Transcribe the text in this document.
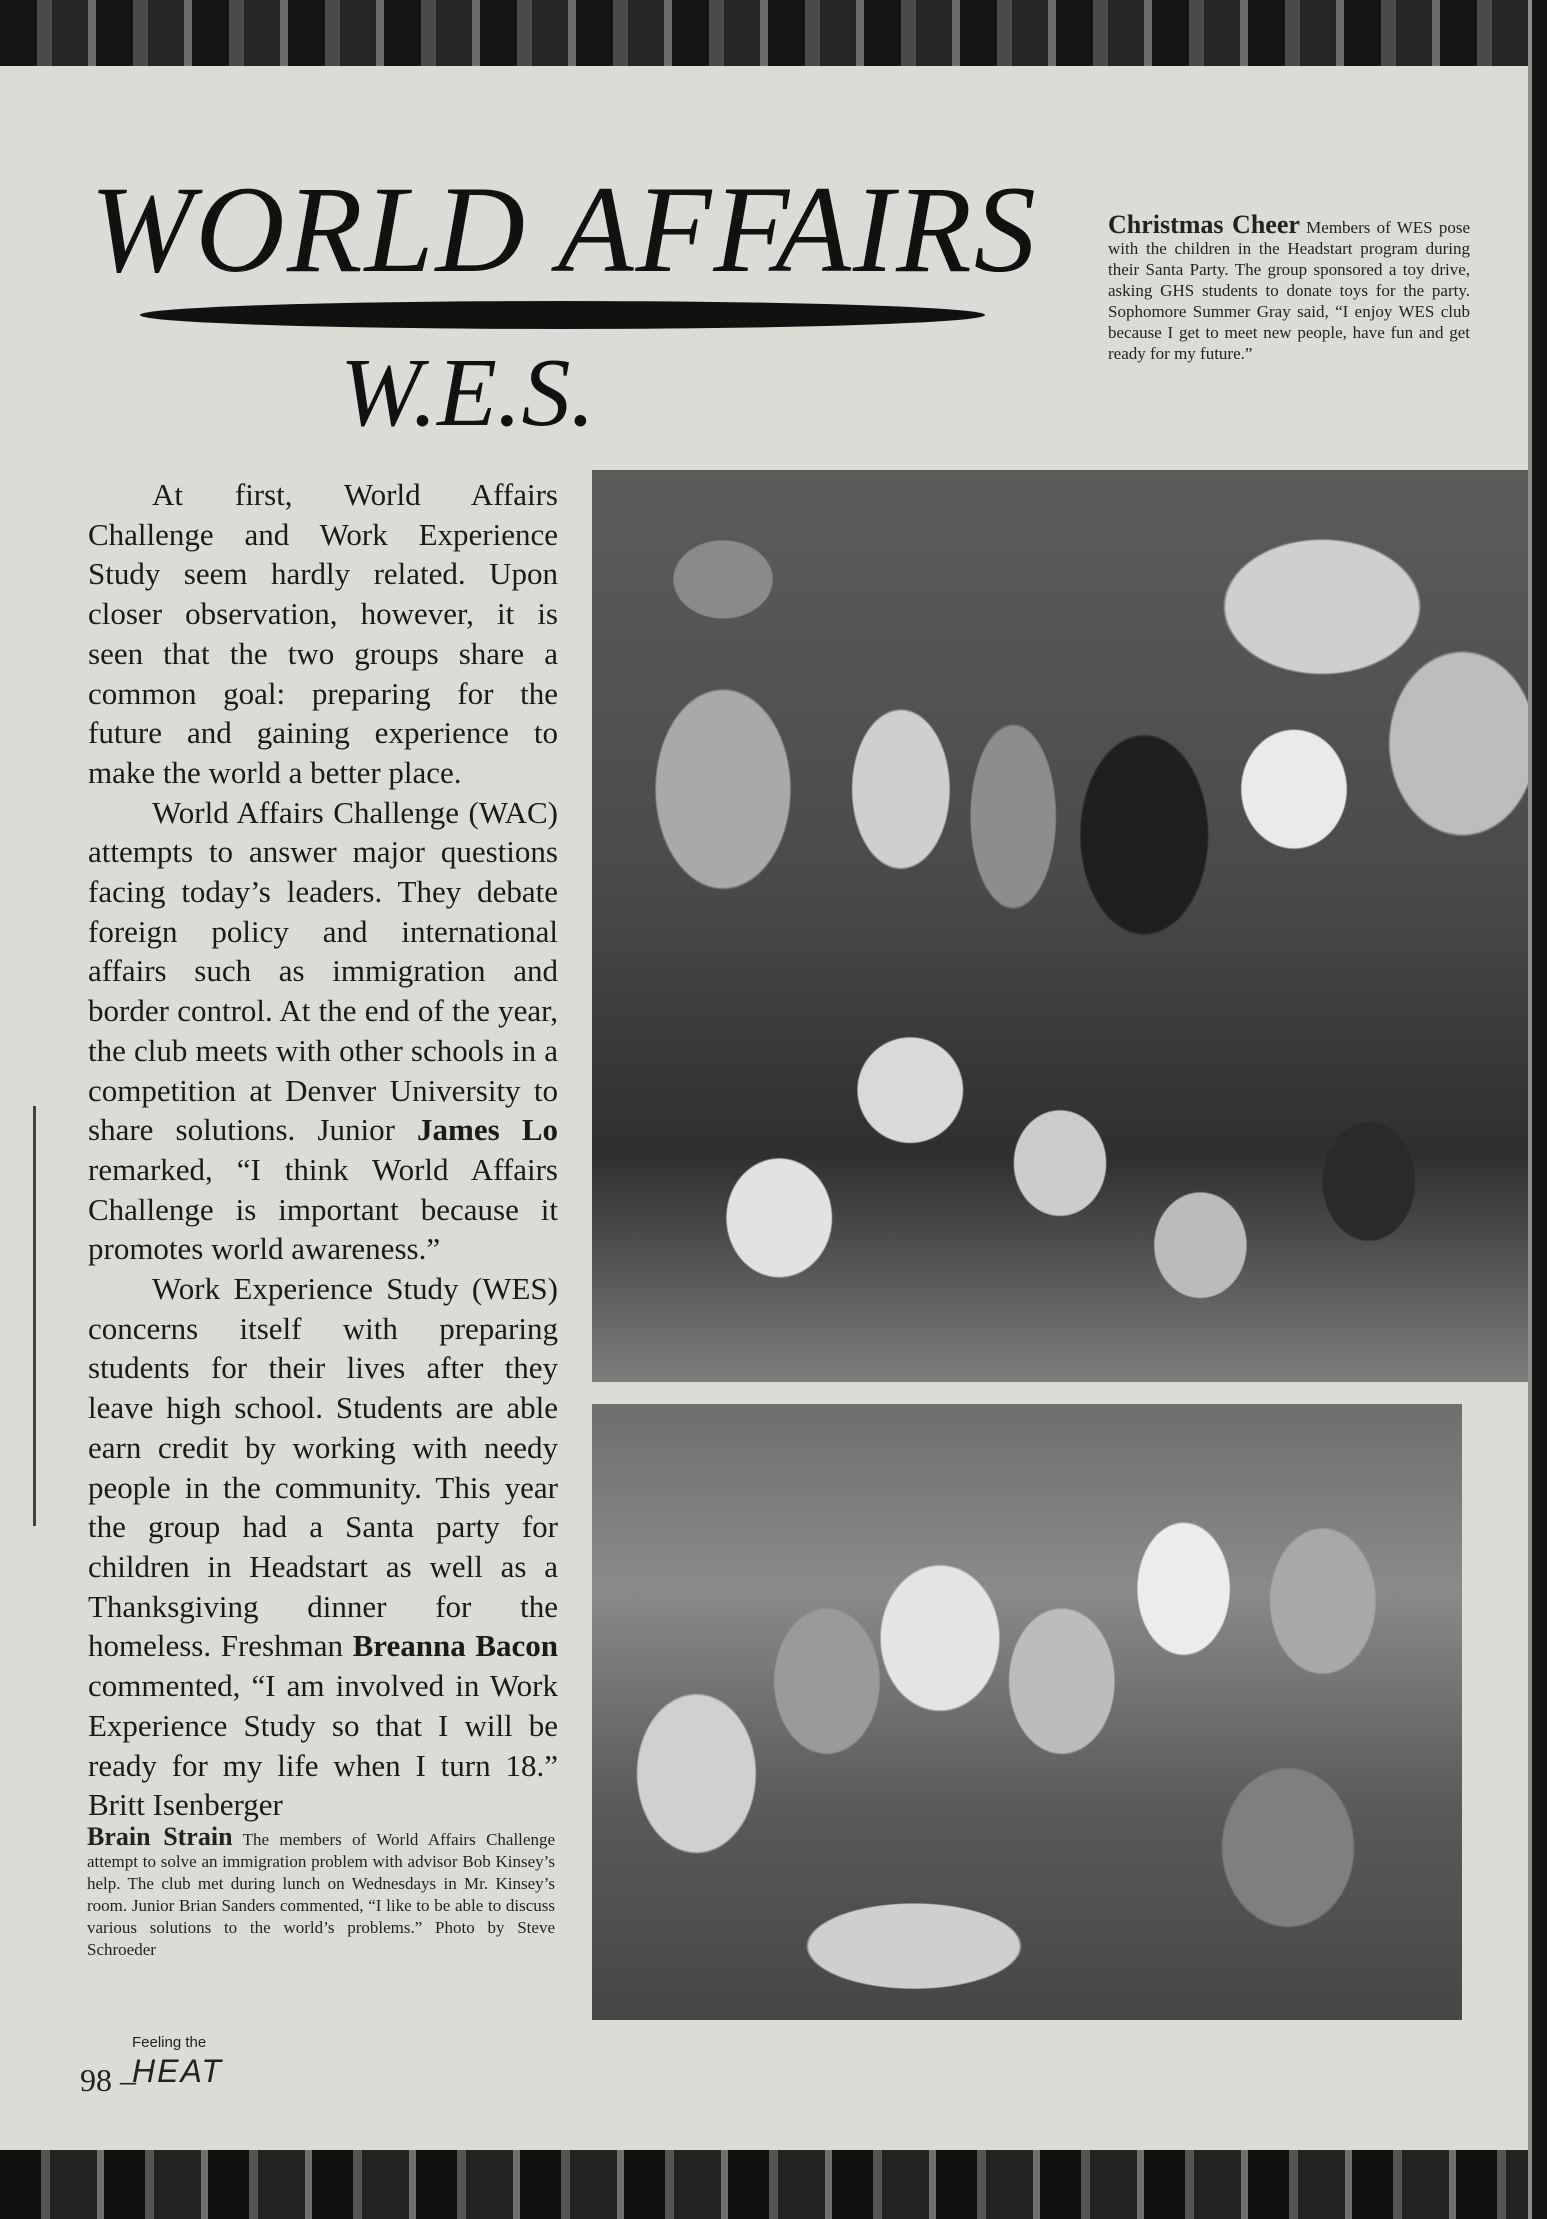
WORLD AFFAIRS
W.E.S.

Christmas Cheer Members of WES pose with the children in the Headstart program during their Santa Party. The group sponsored a toy drive, asking GHS students to donate toys for the party. Sophomore Summer Gray said, “I enjoy WES club because I get to meet new people, have fun and get ready for my future.”

At first, World Affairs Challenge and Work Experience Study seem hardly related. Upon closer observation, however, it is seen that the two groups share a common goal: preparing for the future and gaining experience to make the world a better place.

World Affairs Challenge (WAC) attempts to answer major questions facing today’s leaders. They debate foreign policy and international affairs such as immigration and border control. At the end of the year, the club meets with other schools in a competition at Denver University to share solutions. Junior James Lo remarked, “I think World Affairs Challenge is important because it promotes world awareness.”

Work Experience Study (WES) concerns itself with preparing students for their lives after they leave high school. Students are able earn credit by working with needy people in the community. This year the group had a Santa party for children in Headstart as well as a Thanksgiving dinner for the homeless. Freshman Breanna Bacon commented, “I am involved in Work Experience Study so that I will be ready for my life when I turn 18.” Britt Isenberger

Brain Strain The members of World Affairs Challenge attempt to solve an immigration problem with advisor Bob Kinsey’s help. The club met during lunch on Wednesdays in Mr. Kinsey’s room. Junior Brian Sanders commented, “I like to be able to discuss various solutions to the world’s problems.” Photo by Steve Schroeder

98 –
Feeling the
HEAT
